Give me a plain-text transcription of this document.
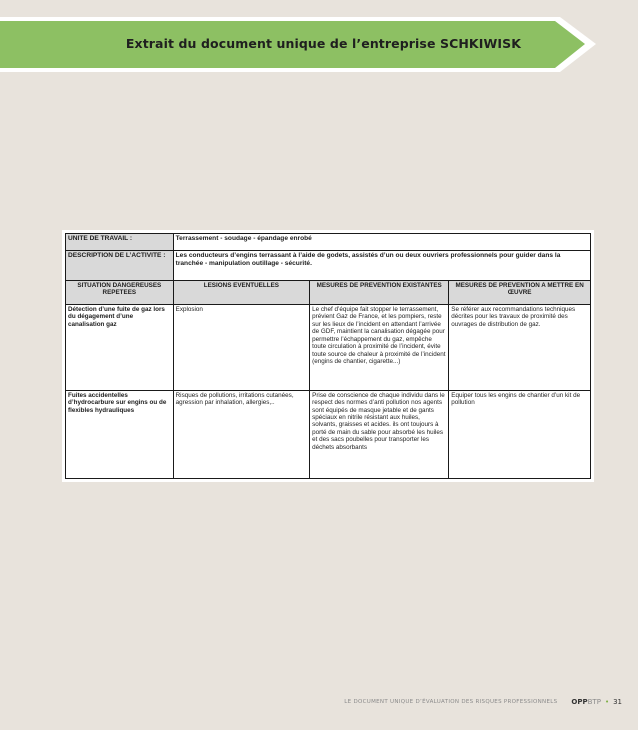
Extrait du document unique de l’entreprise SCHKIWISK
UNITE DE TRAVAIL :	Terrassement - soudage - épandage enrobé		
DESCRIPTION DE L’ACTIVITE :	Les conducteurs d’engins terrassant à l’aide de godets, assistés d’un ou deux ouvriers professionnels pour guider dans la tranchée - manipulation outillage - sécurité.		
SITUATION DANGEREUSES REPETEES	LESIONS EVENTUELLES	MESURES DE PREVENTION EXISTANTES	MESURES DE PREVENTION A METTRE EN ŒUVRE
Détection d’une fuite de gaz lors du dégagement d’une canalisation gaz	Explosion	Le chef d’équipe fait stopper le terrassement, prévient Gaz de France, et les pompiers, reste sur les lieux de l’incident en attendant l’arrivée de GDF, maintient la canalisation dégagée pour permettre l’échappement du gaz, empêche toute circulation à proximité de l’incident, évite toute source de chaleur à proximité de l’incident (engins de chantier, cigarette...)	Se référer aux recommandations techniques décrites pour les travaux de proximité des ouvrages de distribution de gaz.
Fuites accidentelles d’hydrocarbure sur engins ou de flexibles hydrauliques	Risques de pollutions, irritations cutanées, agression par inhalation, allergies,..	Prise de conscience de chaque individu dans le respect des normes d’anti pollution nos agents sont équipés de masque jetable et de gants spéciaux en nitrile résistant aux huiles, solvants, graisses et acides. ils ont toujours à porté de main du sable pour absorbé les huiles et des sacs poubelles pour transporter les déchets absorbants	Equiper tous les engins de chantier d’un kit de pollution
LE DOCUMENT UNIQUE D’ÉVALUATION DES RISQUES PROFESSIONNELS OPPBTP • 31
